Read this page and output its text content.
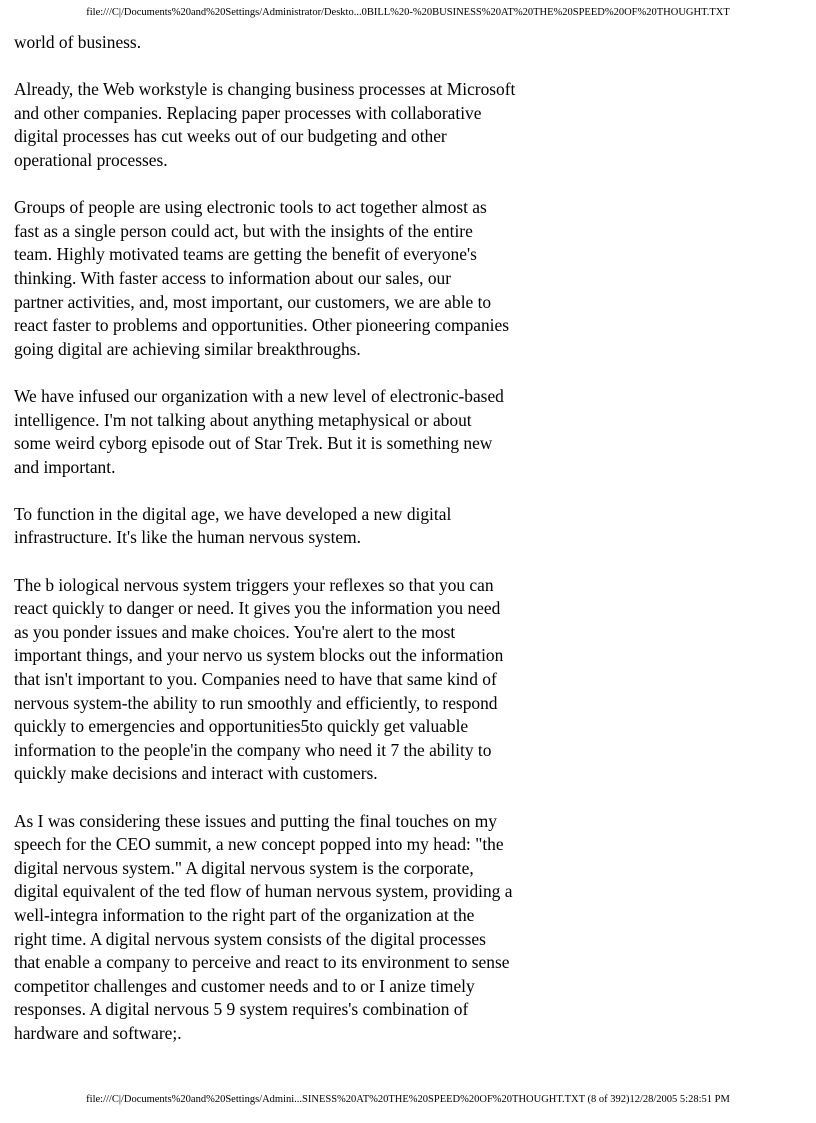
file:///C|/Documents%20and%20Settings/Administrator/Deskto...0BILL%20-%20BUSINESS%20AT%20THE%20SPEED%20OF%20THOUGHT.TXT

world of business.

Already, the Web workstyle is changing business processes at Microsoft
and other companies. Replacing paper processes with collaborative
digital processes has cut weeks out of our budgeting and other
operational processes.

Groups of people are using electronic tools to act together almost as
fast as a single person could act, but with the insights of the entire
team. Highly motivated teams are getting the benefit of everyone's
thinking. With faster access to information about our sales, our
partner activities, and, most important, our customers, we are able to
react faster to problems and opportunities. Other pioneering companies
going digital are achieving similar breakthroughs.

We have infused our organization with a new level of electronic-based
intelligence. I'm not talking about anything metaphysical or about
some weird cyborg episode out of Star Trek. But it is something new
and important.

To function in the digital age, we have developed a new digital
infrastructure. It's like the human nervous system.

The b iological nervous system triggers your reflexes so that you can
react quickly to danger or need. It gives you the information you need
as you ponder issues and make choices. You're alert to the most
important things, and your nervo us system blocks out the information
that isn't important to you. Companies need to have that same kind of
nervous system-the ability to run smoothly and efficiently, to respond
quickly to emergencies and opportunities5to quickly get valuable
information to the people'in the company who need it 7 the ability to
quickly make decisions and interact with customers.

As I was considering these issues and putting the final touches on my
speech for the CEO summit, a new concept popped into my head: "the
digital nervous system." A digital nervous system is the corporate,
digital equivalent of the ted flow of human nervous system, providing a
well-integra information to the right part of the organization at the
right time. A digital nervous system consists of the digital processes
that enable a company to perceive and react to its environment to sense
competitor challenges and customer needs and to or I anize timely
responses. A digital nervous 5 9 system requires's combination of
hardware and software;.

file:///C|/Documents%20and%20Settings/Admini...SINESS%20AT%20THE%20SPEED%20OF%20THOUGHT.TXT (8 of 392)12/28/2005 5:28:51 PM
